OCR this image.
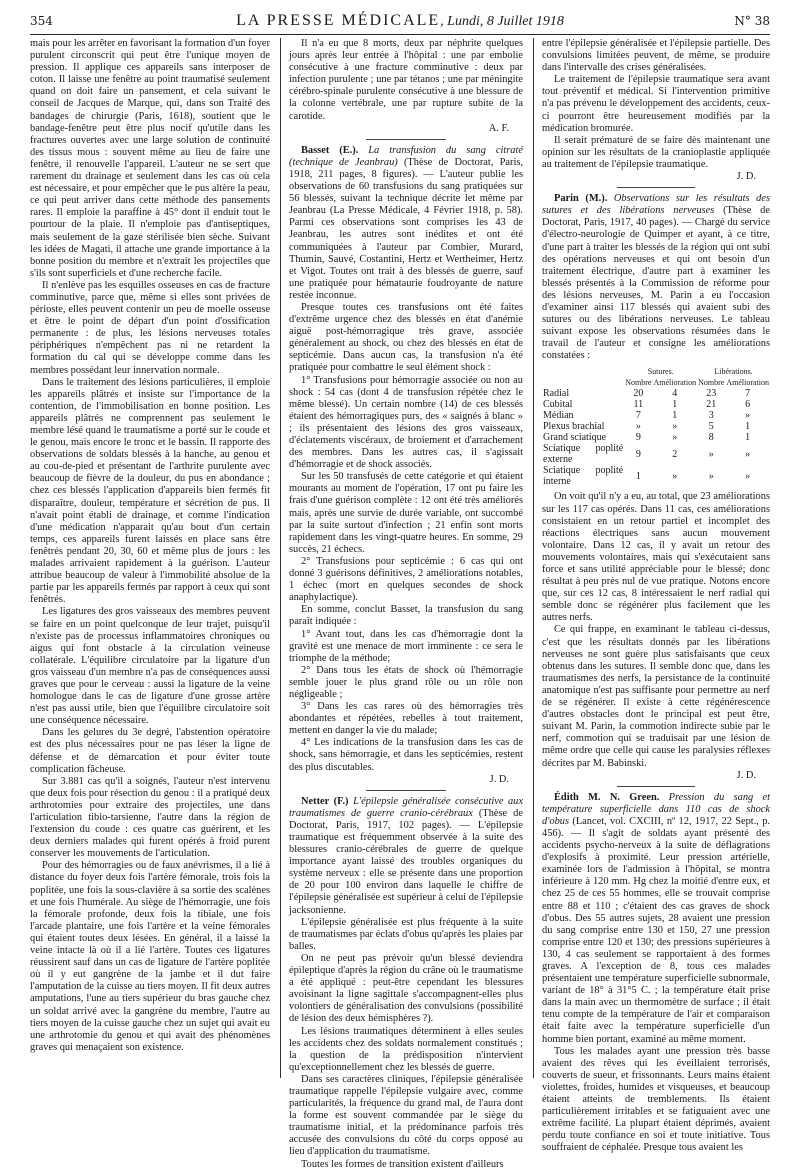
354	LA PRESSE MÉDICALE, Lundi, 8 Juillet 1918	N° 38

mais pour les arrêter en favorisant la formation d'un foyer purulent circonscrit qui peut être l'unique moyen de pression. Il applique ces appareils sans interposer de coton. Il laisse une fenêtre au point traumatisé seulement quand on doit faire un pansement, et cela suivant le conseil de Jacques de Marque, qui, dans son Traité des bandages de chirurgie (Paris, 1618), soutient que le bandage-fenêtre peut être plus nocif qu'utile dans les fractures ouvertes avec une large solution de continuité des tissus mous : souvent même au lieu de faire une fenêtre, il renouvelle l'appareil. L'auteur ne se sert que rarement du drainage et seulement dans les cas où cela est nécessaire, et pour empêcher que le pus altère la peau, ce qui peut arriver dans cette méthode des pansements rares. Il emploie la paraffine à 45° dont il enduit tout le pourtour de la plaie. Il n'emploie pas d'antiseptiques, mais seulement de la gaze stérilisée bien sèche. Suivant les idées de Magati, il attache une grande importance à la bonne position du membre et n'extrait les projectiles que s'ils sont superficiels et d'une recherche facile.

Il n'enlève pas les esquilles osseuses en cas de fracture comminutive, parce que, même si elles sont privées de périoste, elles peuvent contenir un peu de moelle osseuse et être le point de départ d'un point d'ossification permanente : de plus, les lésions nerveuses totales périphériques n'empêchent pas ni ne retardent la formation du cal qui se développe comme dans les membres possédant leur innervation normale.

Dans le traitement des lésions particulières, il emploie les appareils plâtrés et insiste sur l'importance de la contention, de l'immobilisation en bonne position. Les appareils plâtrés ne comprennent pas seulement le membre lésé quand le traumatisme a porté sur le coude et le genou, mais encore le tronc et le bassin. Il rapporte des observations de soldats blessés à la hanche, au genou et au cou-de-pied et présentant de l'arthrite purulente avec beaucoup de fièvre de la douleur, du pus en abondance ; chez ces blessés l'application d'appareils bien fermés fit disparaître, douleur, température et sécrétion de pus. Il n'avait point établi de drainage, et comme l'indication d'une médication n'apparait qu'au bout d'un certain temps, ces appareils furent laissés en place sans être fenêtrés pendant 20, 30, 60 et même plus de jours : les malades arrivaient rapidement à la guérison. L'auteur attribue beaucoup de valeur à l'immobilité absolue de la partie par les appareils fermés par rapport à ceux qui sont fenêtrés.

Les ligatures des gros vaisseaux des membres peuvent se faire en un point quelconque de leur trajet, puisqu'il n'existe pas de processus inflammatoires chroniques ou aigus qui font obstacle à la circulation veineuse collatérale. L'équilibre circulatoire par la ligature d'un gros vaisseau d'un membre n'a pas de conséquences aussi graves que pour le cerveau : aussi la ligature de la veine homologue dans le cas de ligature d'une grosse artère n'est pas aussi utile, bien que l'équilibre circulatoire soit une conséquence nécessaire.

Dans les gelures du 3e degré, l'abstention opératoire est des plus nécessaires pour ne pas léser la ligne de défense et de démarcation et pour éviter toute complication fâcheuse.

Sur 3.881 cas qu'il a soignés, l'auteur n'est intervenu que deux fois pour résection du genou : il a pratiqué deux arthrotomies pour extraire des projectiles, une dans l'articulation tibio-tarsienne, l'autre dans la région de l'extension du coude : ces quatre cas guérirent, et les deux derniers malades qui furent opérés à froid purent conserver les mouvements de l'articulation.

Pour des hémorragies ou de faux anévrismes, il a lié à distance du foyer deux fois l'artère fémorale, trois fois la poplitée, une fois la sous-clavière à sa sortie des scalènes et une fois l'humérale. Au siège de l'hémorragie, une fois la fémorale profonde, deux fois la tibiale, une fois l'arcade plantaire, une fois l'artère et la veine fémorales qui étaient toutes deux lésées. En général, il a laissé la veine intacte là où il a lié l'artère. Toutes ces ligatures réussirent sauf dans un cas de ligature de l'artère poplitée où il y eut gangrène de la jambe et il dut faire l'amputation de la cuisse au tiers moyen. Il fit deux autres amputations, l'une au tiers supérieur du bras gauche chez un soldat arrivé avec la gangrène du membre, l'autre au tiers moyen de la cuisse gauche chez un sujet qui avait eu une arthrotomie du genou et qui avait des phénomènes graves qui menaçaient son existence.

Il n'a eu que 8 morts, deux par néphrite quelques jours après leur entrée à l'hôpital : une par embolie consécutive à une fracture comminutive : deux par infection purulente ; une par tétanos ; une par méningite cérébro-spinale purulente consécutive à une blessure de la colonne vertébrale, une par rupture subite de la carotide.

A. F.

Basset (E.). La transfusion du sang citraté (technique de Jeanbrau) (Thèse de Doctorat, Paris, 1918, 211 pages, 8 figures). — L'auteur publie les observations de 60 transfusions du sang pratiquées sur 56 blessés, suivant la technique décrite let même par Jeanbrau (La Presse Médicale, 4 Février 1918, p. 58). Parmi ces observations sont comprises les 43 de Jeanbrau, les autres sont inédites et ont été communiquées à l'auteur par Combier, Murard, Thumin, Sauvé, Costantini, Hertz et Wertheimer, Hertz et Vigot. Toutes ont trait à des blessés de guerre, sauf une pratiquée pour hémataurie foudroyante de nature restée inconnue.

Presque toutes ces transfusions ont été faites d'extrême urgence chez des blessés en état d'anémie aiguë post-hémorragique très grave, associée généralement au shock, ou chez des blessés en état de septicémie. Dans aucun cas, la transfusion n'a été pratiquée pour combattre le seul élément shock :

1° Transfusions pour hémorragie associée ou non au shock : 54 cas (dont 4 de transfusion répétée chez le même blessé). Un certain nombre (14) de ces blessés étaient des hémorragiques purs, des « saignés à blanc » ; ils présentaient des lésions des gros vaisseaux, d'éclatements viscéraux, de broiement et d'arrachement des membres. Dans les autres cas, il s'agissait d'hémorragie et de shock associés.

Sur les 50 transfusés de cette catégorie et qui étaient mourants au moment de l'opération, 17 ont pu faire les frais d'une guérison complète : 12 ont été très améliorés mais, après une survie de durée variable, ont succombé par la suite surtout d'infection ; 21 enfin sont morts rapidement dans les vingt-quatre heures. En somme, 29 succès, 21 échecs.

2° Transfusions pour septicémie : 6 cas qui ont donné 3 guérisons définitives, 2 améliorations notables, 1 échec (mort en quelques secondes de shock anaphylactique).

En somme, conclut Basset, la transfusion du sang paraît indiquée :

1° Avant tout, dans les cas d'hémorragie dont la gravité est une menace de mort imminente : ce sera le triomphe de la méthode;

2° Dans tous les états de shock où l'hémorragie semble jouer le plus grand rôle ou un rôle non négligeable ;

3° Dans les cas rares où des hémorragies très abondantes et répétées, rebelles à tout traitement, mettent en danger la vie du malade;

4° Les indications de la transfusion dans les cas de shock, sans hémorragie, et dans les septicémies, restent des plus discutables.

J. D.

Netter (F.) L'épilepsie généralisée consécutive aux traumatismes de guerre cranio-cérébraux (Thèse de Doctorat, Paris, 1917, 102 pages). — L'épilepsie traumatique est fréquemment observée à la suite des blessures cranio-cérébrales de guerre de quelque importance ayant laissé des troubles organiques du système nerveux : elle se présente dans une proportion de 20 pour 100 environ dans laquelle le chiffre de l'épilepsie généralisée est supérieur à celui de l'épilepsie jacksonienne.

L'épilepsie généralisée est plus fréquente à la suite de traumatismes par éclats d'obus qu'après les plaies par balles.

On ne peut pas prévoir qu'un blessé deviendra épileptique d'après la région du crâne où le traumatisme a été appliqué : peut-être cependant les blessures avoisinant la ligne sagittale s'accompagnent-elles plus volontiers de généralisation des convulsions (possibilité de lésion des deux hémisphères ?).

Les lésions traumatiques déterminent à elles seules les accidents chez des soldats normalement constitués ; la question de la prédisposition n'intervient qu'exceptionnellement chez les blessés de guerre.

Dans ses caractères cliniques, l'épilepsie généralisée traumatique rappelle l'épilepsie vulgaire avec, comme particularités, la fréquence du grand mal, de l'aura dont la forme est souvent commandée par le siège du traumatisme initial, et la prédominance parfois très accusée des convulsions du côté du corps opposé au lieu d'application du traumatisme.

Toutes les formes de transition existent d'ailleurs

entre l'épilepsie généralisée et l'épilepsie partielle. Des convulsions limitées peuvent, de même, se produire dans l'intervalle des crises généralisées.

Le traitement de l'épilepsie traumatique sera avant tout préventif et médical. Si l'intervention primitive n'a pas prévenu le développement des accidents, ceux-ci pourront être heureusement modifiés par la médication bromurée.

Il serait prématuré de se faire dès maintenant une opinion sur les résultats de la cranioplastie appliquée au traitement de l'épilepsie traumatique.

J. D.

Parin (M.). Observations sur les résultats des sutures et des libérations nerveuses (Thèse de Doctorat, Paris, 1917, 40 pages). — Chargé du service d'électro-neurologie de Quimper et ayant, à ce titre, d'une part à traiter les blessés de la région qui ont subi des opérations nerveuses et qui ont besoin d'un traitement électrique, d'autre part à examiner les blessés présentés à la Commission de réforme pour des lésions nerveuses, M. Parin a eu l'occasion d'examiner ainsi 117 blessés qui avaient subi des sutures ou des libérations nerveuses. Le tableau suivant expose les observations résumées dans le travail de l'auteur et consigne les améliorations constatées :

	Sutures.		Libérations.	
	Nombre	Amélioration	Nombre	Amélioration
Radial	20	4	23	7
Cubital	11	1	21	6
Médian	7	1	3	»
Plexus brachial	»	»	5	1
Grand sciatique	9	»	8	1
Sciatique poplité externe	9	2	»	»
Sciatique poplité interne	1	»	»	»

On voit qu'il n'y a eu, au total, que 23 améliorations sur les 117 cas opérés. Dans 11 cas, ces améliorations consistaient en un retour partiel et incomplet des réactions électriques sans aucun mouvement volontaire. Dans 12 cas, il y avait un retour des mouvements volontaires, mais qui s'exécutaient sans force et sans utilité appréciable pour le blessé; donc résultat à peu près nul de vue pratique. Notons encore que, sur ces 12 cas, 8 intéressaient le nerf radial qui semble donc se régénérer plus facilement que les autres nerfs.

Ce qui frappe, en examinant le tableau ci-dessus, c'est que les résultats donnés par les libérations nerveuses ne sont guère plus satisfaisants que ceux obtenus dans les sutures. Il semble donc que, dans les traumatismes des nerfs, la persistance de la continuité anatomique n'est pas suffisante pour permettre au nerf de se régénérer. Il existe à cette régénérescence d'autres obstacles dont le principal est peut être, suivant M. Parin, la commotion indirecte subie par le nerf, commotion qui se traduisait par une lésion de même ordre que celle qui cause les paralysies réflexes décrites par M. Babinski.

J. D.

Édith M. N. Green. Pression du sang et température superficielle dans 110 cas de shock d'obus (Lancet, vol. CXCIII, nº 12, 1917, 22 Sept., p. 456). — Il s'agit de soldats ayant présenté des accidents psycho-nerveux à la suite de déflagrations d'explosifs à proximité. Leur pression artérielle, examinée lors de l'admission à l'hôpital, se montra inférieure à 120 mm. Hg chez la moitié d'entre eux, et chez 25 de ces 55 hommes, elle se trouvait comprise entre 88 et 110 ; c'étaient des cas graves de shock d'obus. Des 55 autres sujets, 28 avaient une pression du sang comprise entre 130 et 150, 27 une pression comprise entre 120 et 130; des pressions supérieures à 130, 4 cas seulement se rapportaient à des formes graves. A l'exception de 8, tous ces malades présentaient une température superficielle subnormale, variant de 18° à 31°5 C. ; la température était prise dans la main avec un thermomètre de surface ; il était tenu compte de la température de l'air et comparaison était faite avec la température superficielle d'un homme bien portant, examiné au même moment.

Tous les malades ayant une pression très basse avaient des rêves qui les éveillaient terrorisés, couverts de sueur, et frissonnants. Leurs mains étaient violettes, froides, humides et visqueuses, et beaucoup étaient atteints de tremblements. Ils étaient particulièrement irritables et se fatiguaient avec une extrême facilité. La plupart étaient déprimés, avaient perdu toute confiance en soi et toute initiative. Tous souffraient de céphalée. Presque tous avaient les
